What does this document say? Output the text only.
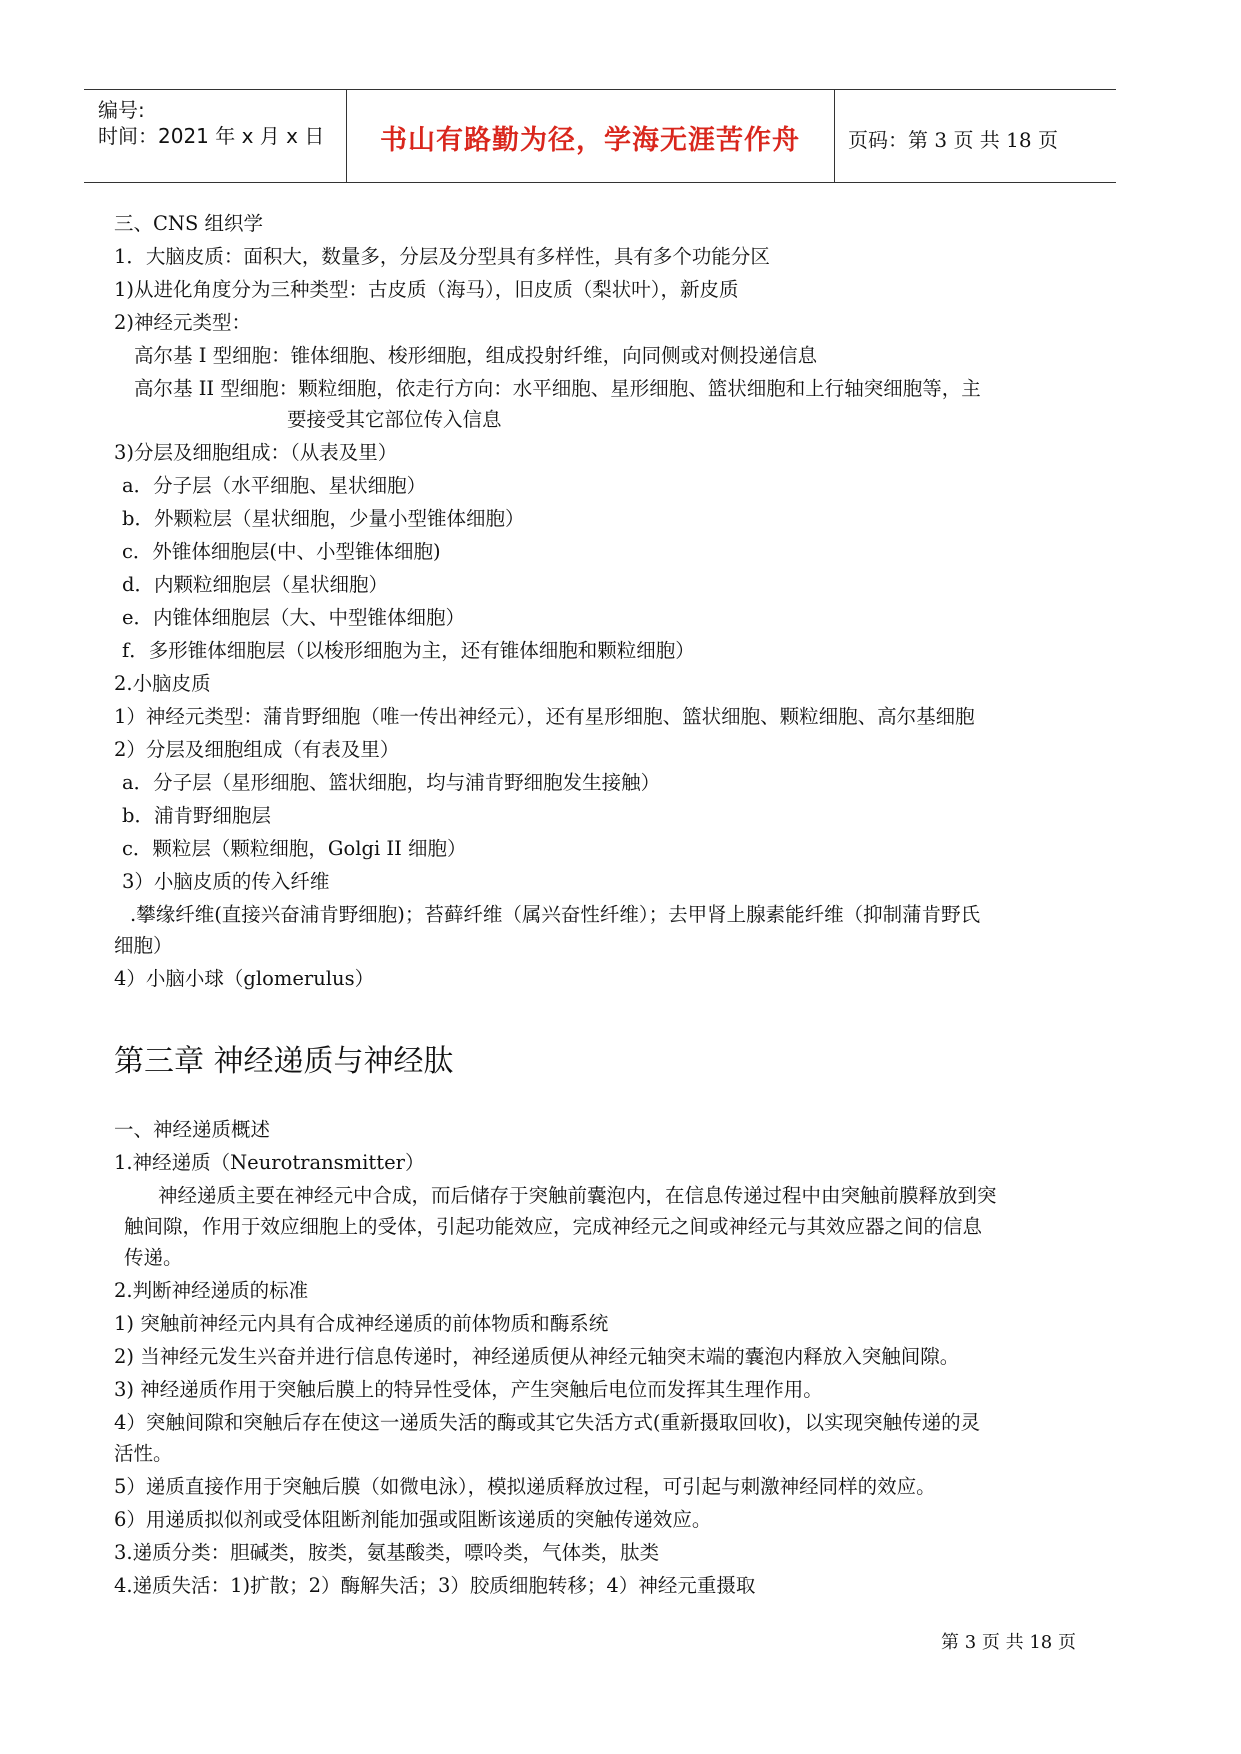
编号:
时间：2021 年 x 月 x 日	书山有路勤为径，学海无涯苦作舟	页码：第 3 页 共 18 页
三、CNS 组织学
1．大脑皮质：面积大，数量多，分层及分型具有多样性，具有多个功能分区
1)从进化角度分为三种类型：古皮质（海马），旧皮质（梨状叶），新皮质
2)神经元类型：
高尔基 I 型细胞：锥体细胞、梭形细胞，组成投射纤维，向同侧或对侧投递信息
高尔基 II 型细胞：颗粒细胞，依走行方向：水平细胞、星形细胞、篮状细胞和上行轴突细胞等，主
要接受其它部位传入信息
3)分层及细胞组成：（从表及里）
a．分子层（水平细胞、星状细胞）
b．外颗粒层（星状细胞，少量小型锥体细胞）
c．外锥体细胞层(中、小型锥体细胞)
d．内颗粒细胞层（星状细胞）
e．内锥体细胞层（大、中型锥体细胞）
f．多形锥体细胞层（以梭形细胞为主，还有锥体细胞和颗粒细胞）
2.小脑皮质
1）神经元类型：蒲肯野细胞（唯一传出神经元），还有星形细胞、篮状细胞、颗粒细胞、高尔基细胞
2）分层及细胞组成（有表及里）
a．分子层（星形细胞、篮状细胞，均与浦肯野细胞发生接触）
b．浦肯野细胞层
c．颗粒层（颗粒细胞，Golgi II 细胞）
3）小脑皮质的传入纤维
.攀缘纤维(直接兴奋浦肯野细胞)；苔藓纤维（属兴奋性纤维）；去甲肾上腺素能纤维（抑制蒲肯野氏
细胞）
4）小脑小球（glomerulus）
第三章 神经递质与神经肽
一、神经递质概述
1.神经递质（Neurotransmitter）
神经递质主要在神经元中合成，而后储存于突触前囊泡内，在信息传递过程中由突触前膜释放到突
触间隙，作用于效应细胞上的受体，引起功能效应，完成神经元之间或神经元与其效应器之间的信息
传递。
2.判断神经递质的标准
1) 突触前神经元内具有合成神经递质的前体物质和酶系统
2) 当神经元发生兴奋并进行信息传递时，神经递质便从神经元轴突末端的囊泡内释放入突触间隙。
3) 神经递质作用于突触后膜上的特异性受体，产生突触后电位而发挥其生理作用。
4）突触间隙和突触后存在使这一递质失活的酶或其它失活方式(重新摄取回收)，以实现突触传递的灵
活性。
5）递质直接作用于突触后膜（如微电泳），模拟递质释放过程，可引起与刺激神经同样的效应。
6）用递质拟似剂或受体阻断剂能加强或阻断该递质的突触传递效应。
3.递质分类：胆碱类，胺类，氨基酸类，嘌呤类，气体类，肽类
4.递质失活：1)扩散；2）酶解失活；3）胶质细胞转移；4）神经元重摄取
第 3 页 共 18 页
